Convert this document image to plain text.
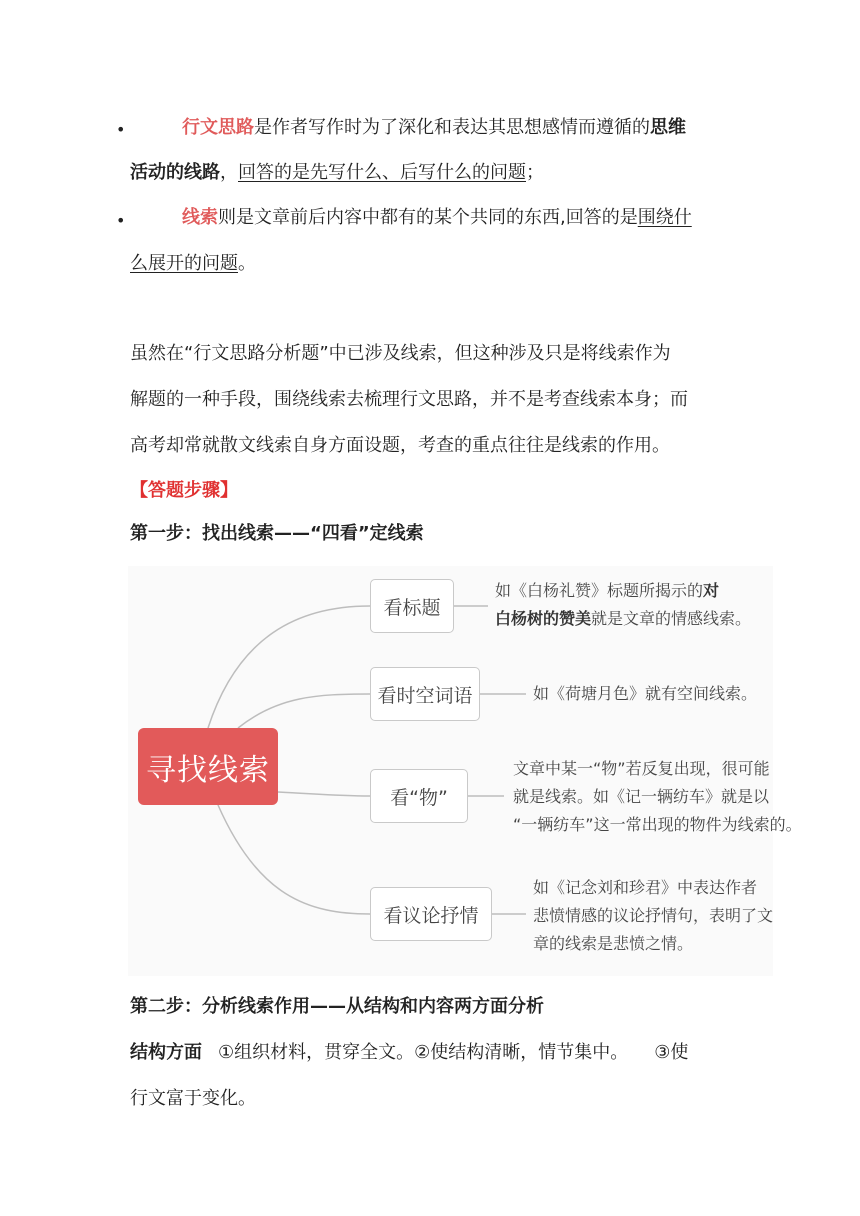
•	行文思路是作者写作时为了深化和表达其思想感情而遵循的思维
活动的线路，回答的是先写什么、后写什么的问题；
•	线索则是文章前后内容中都有的某个共同的东西,回答的是围绕什
么展开的问题。
虽然在“行文思路分析题”中已涉及线索，但这种涉及只是将线索作为
解题的一种手段，围绕线索去梳理行文思路，并不是考查线索本身；而
高考却常就散文线索自身方面设题，考查的重点往往是线索的作用。
【答题步骤】
第一步：找出线索——“四看”定线索
寻找线索
看标题
看时空词语
看“物”
看议论抒情
如《白杨礼赞》标题所揭示的对
白杨树的赞美就是文章的情感线索。
如《荷塘月色》就有空间线索。
文章中某一“物”若反复出现，很可能
就是线索。如《记一辆纺车》就是以
“一辆纺车”这一常出现的物件为线索的。
如《记念刘和珍君》中表达作者
悲愤情感的议论抒情句，表明了文
章的线索是悲愤之情。
第二步：分析线索作用——从结构和内容两方面分析
结构方面 ①组织材料，贯穿全文。②使结构清晰，情节集中。 ③使
行文富于变化。
